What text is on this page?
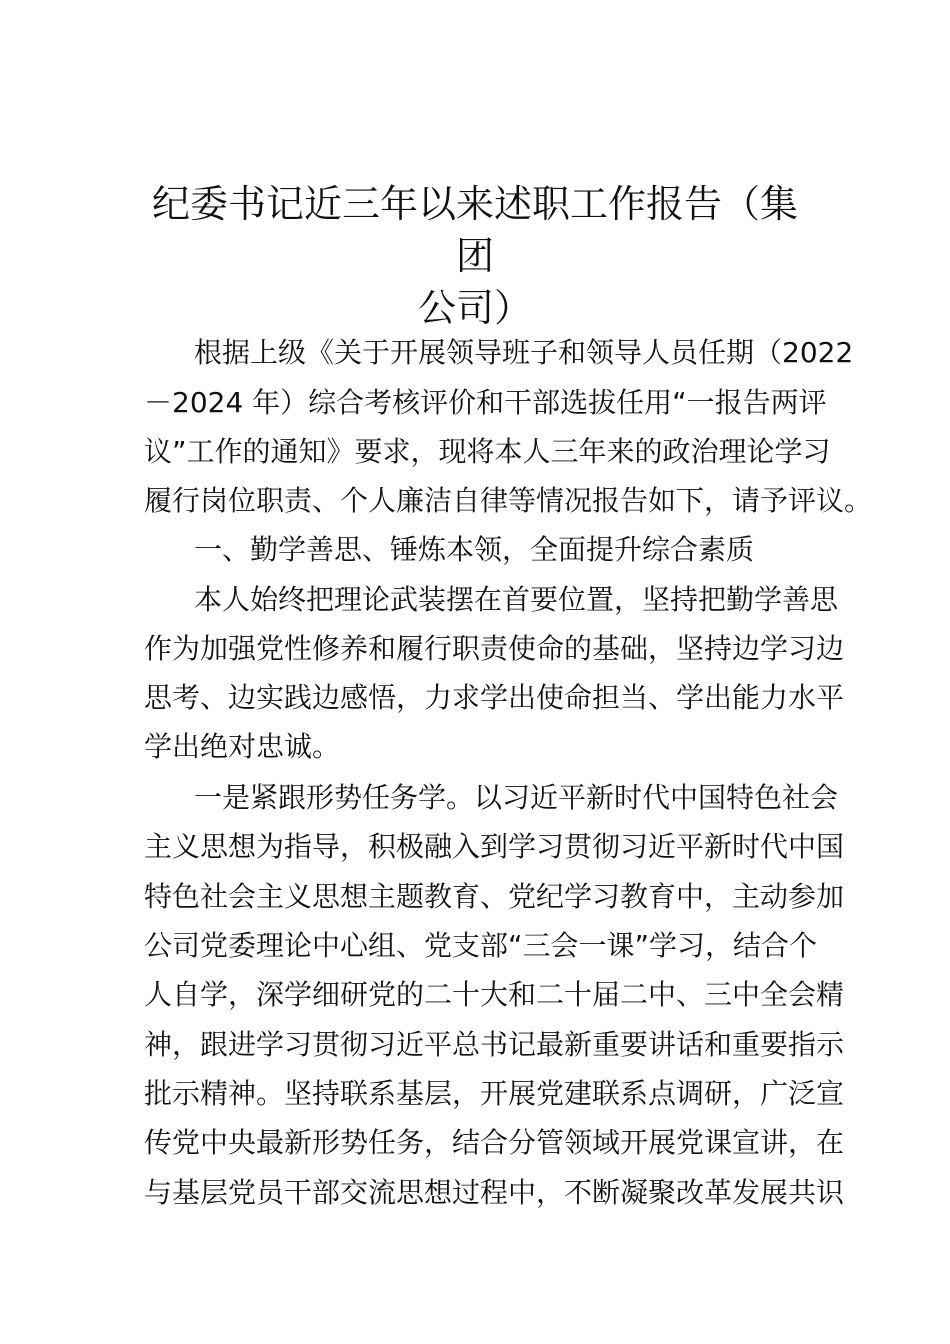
纪委书记近三年以来述职工作报告（集团
公司）
根据上级《关于开展领导班子和领导人员任期（2022
－2024 年）综合考核评价和干部选拔任用“一报告两评
议”工作的通知》要求，现将本人三年来的政治理论学习
履行岗位职责、个人廉洁自律等情况报告如下，请予评议。
一、勤学善思、锤炼本领，全面提升综合素质
本人始终把理论武装摆在首要位置，坚持把勤学善思
作为加强党性修养和履行职责使命的基础，坚持边学习边
思考、边实践边感悟，力求学出使命担当、学出能力水平
学出绝对忠诚。
一是紧跟形势任务学。以习近平新时代中国特色社会
主义思想为指导，积极融入到学习贯彻习近平新时代中国
特色社会主义思想主题教育、党纪学习教育中，主动参加
公司党委理论中心组、党支部“三会一课”学习，结合个
人自学，深学细研党的二十大和二十届二中、三中全会精
神，跟进学习贯彻习近平总书记最新重要讲话和重要指示
批示精神。坚持联系基层，开展党建联系点调研，广泛宣
传党中央最新形势任务，结合分管领域开展党课宣讲，在
与基层党员干部交流思想过程中，不断凝聚改革发展共识
